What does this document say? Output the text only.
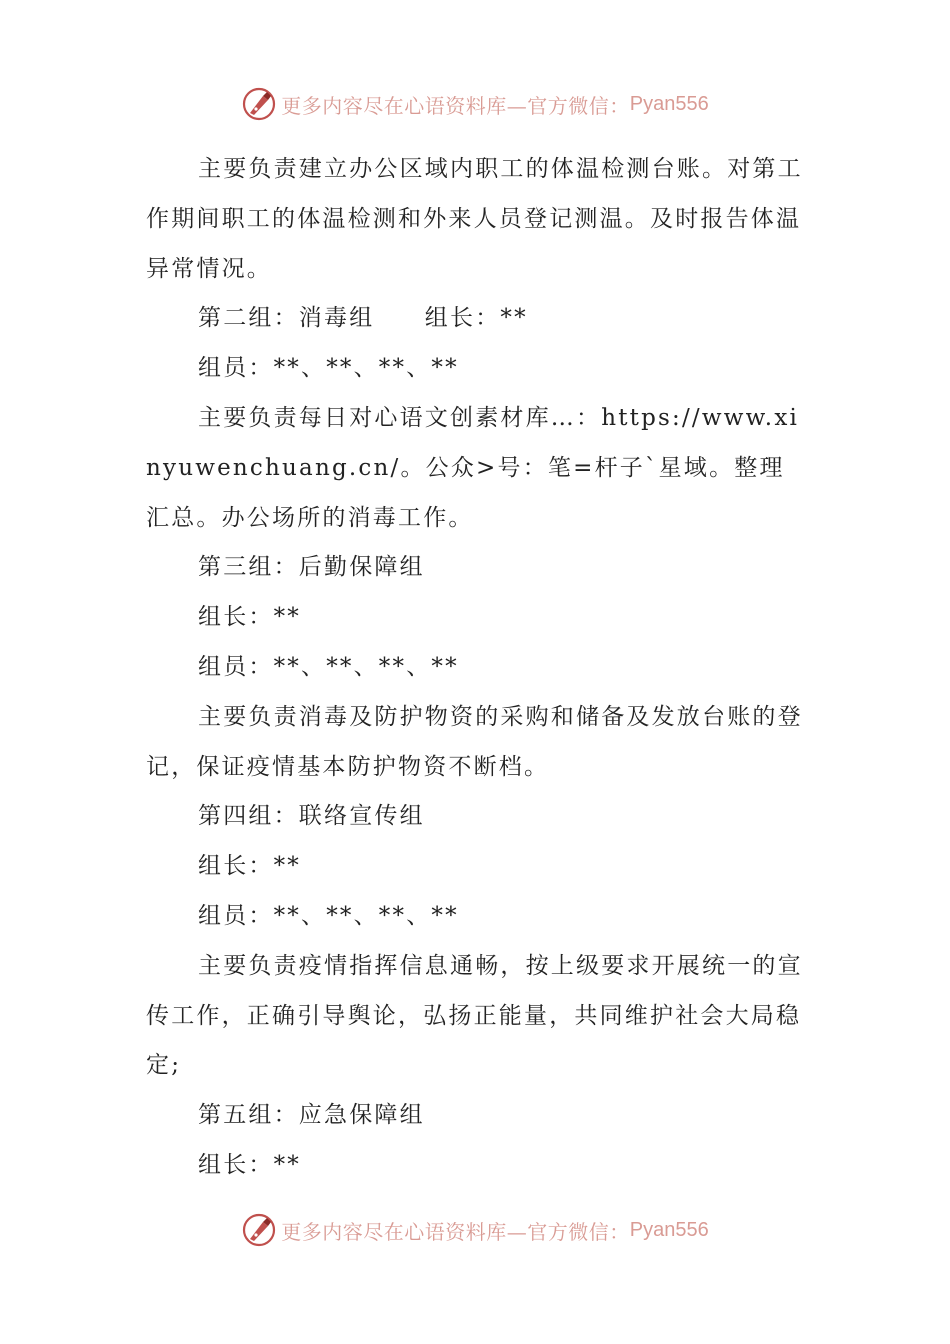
更多内容尽在心语资料库—官方微信： Pyan556

主要负责建立办公区域内职工的体温检测台账。对第工作期间职工的体温检测和外来人员登记测温。及时报告体温异常情况。

第二组：消毒组　　组长：**

组员：**、**、**、**

主要负责每日对心语文创素材库…：https://www.xinyuwenchuang.cn/。公众>号：笔=杆子`星域。整理汇总。办公场所的消毒工作。

第三组：后勤保障组

组长：**

组员：**、**、**、**

主要负责消毒及防护物资的采购和储备及发放台账的登记，保证疫情基本防护物资不断档。

第四组：联络宣传组

组长：**

组员：**、**、**、**

主要负责疫情指挥信息通畅，按上级要求开展统一的宣传工作，正确引导舆论，弘扬正能量，共同维护社会大局稳定;

第五组：应急保障组

组长：**

更多内容尽在心语资料库—官方微信： Pyan556
